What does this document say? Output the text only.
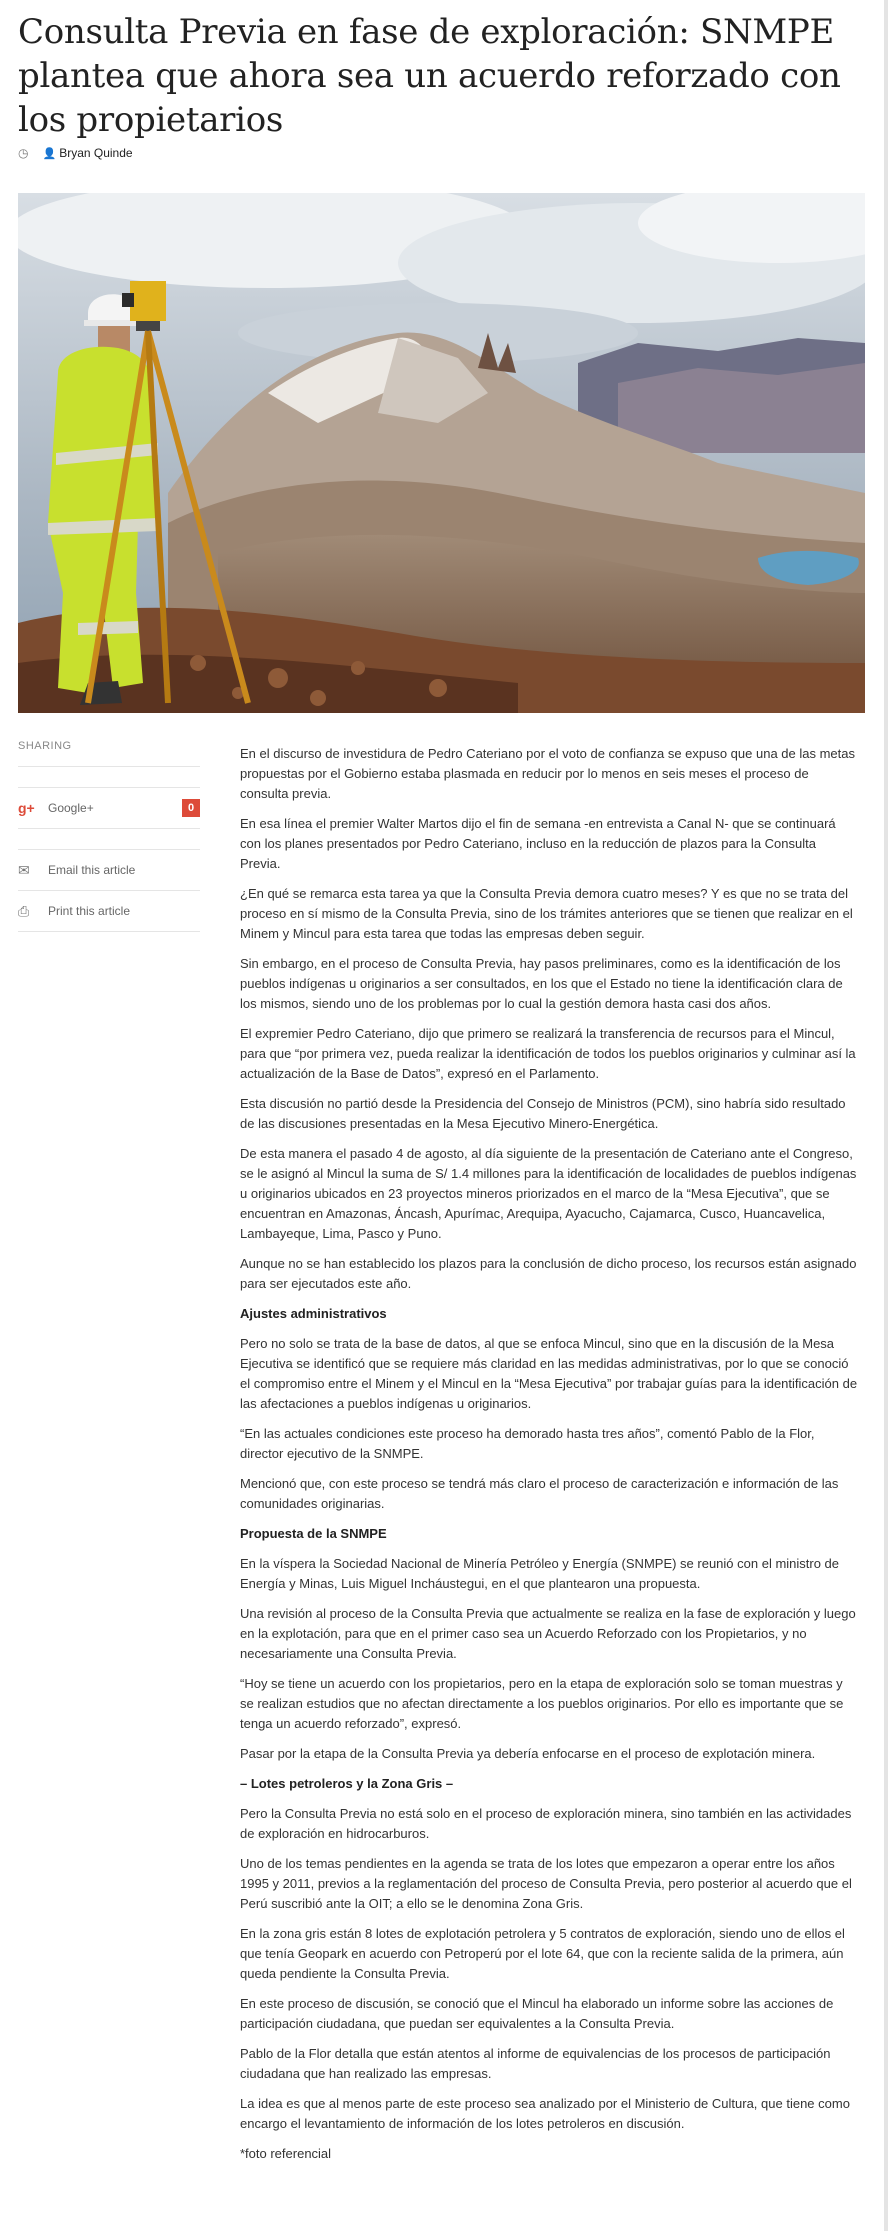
Consulta Previa en fase de exploración: SNMPE plantea que ahora sea un acuerdo reforzado con los propietarios
◷ 👤 Bryan Quinde
SHARING
g+	Google+	0
✉	Email this article
⎙	Print this article

En el discurso de investidura de Pedro Cateriano por el voto de confianza se expuso que una de las metas propuestas por el Gobierno estaba plasmada en reducir por lo menos en seis meses el proceso de consulta previa.

En esa línea el premier Walter Martos dijo el fin de semana -en entrevista a Canal N- que se continuará con los planes presentados por Pedro Cateriano, incluso en la reducción de plazos para la Consulta Previa.

¿En qué se remarca esta tarea ya que la Consulta Previa demora cuatro meses? Y es que no se trata del proceso en sí mismo de la Consulta Previa, sino de los trámites anteriores que se tienen que realizar en el Minem y Mincul para esta tarea que todas las empresas deben seguir.

Sin embargo, en el proceso de Consulta Previa, hay pasos preliminares, como es la identificación de los pueblos indígenas u originarios a ser consultados, en los que el Estado no tiene la identificación clara de los mismos, siendo uno de los problemas por lo cual la gestión demora hasta casi dos años.

El expremier Pedro Cateriano, dijo que primero se realizará la transferencia de recursos para el Mincul, para que “por primera vez, pueda realizar la identificación de todos los pueblos originarios y culminar así la actualización de la Base de Datos”, expresó en el Parlamento.

Esta discusión no partió desde la Presidencia del Consejo de Ministros (PCM), sino habría sido resultado de las discusiones presentadas en la Mesa Ejecutivo Minero-Energética.

De esta manera el pasado 4 de agosto, al día siguiente de la presentación de Cateriano ante el Congreso, se le asignó al Mincul la suma de S/ 1.4 millones para la identificación de localidades de pueblos indígenas u originarios ubicados en 23 proyectos mineros priorizados en el marco de la “Mesa Ejecutiva”, que se encuentran en Amazonas, Áncash, Apurímac, Arequipa, Ayacucho, Cajamarca, Cusco, Huancavelica, Lambayeque, Lima, Pasco y Puno.

Aunque no se han establecido los plazos para la conclusión de dicho proceso, los recursos están asignado para ser ejecutados este año.

Ajustes administrativos

Pero no solo se trata de la base de datos, al que se enfoca Mincul, sino que en la discusión de la Mesa Ejecutiva se identificó que se requiere más claridad en las medidas administrativas, por lo que se conoció el compromiso entre el Minem y el Mincul en la “Mesa Ejecutiva” por trabajar guías para la identificación de las afectaciones a pueblos indígenas u originarios.

“En las actuales condiciones este proceso ha demorado hasta tres años”, comentó Pablo de la Flor, director ejecutivo de la SNMPE.

Mencionó que, con este proceso se tendrá más claro el proceso de caracterización e información de las comunidades originarias.

Propuesta de la SNMPE

En la víspera la Sociedad Nacional de Minería Petróleo y Energía (SNMPE) se reunió con el ministro de Energía y Minas, Luis Miguel Incháustegui, en el que plantearon una propuesta.

Una revisión al proceso de la Consulta Previa que actualmente se realiza en la fase de exploración y luego en la explotación, para que en el primer caso sea un Acuerdo Reforzado con los Propietarios, y no necesariamente una Consulta Previa.

“Hoy se tiene un acuerdo con los propietarios, pero en la etapa de exploración solo se toman muestras y se realizan estudios que no afectan directamente a los pueblos originarios. Por ello es importante que se tenga un acuerdo reforzado”, expresó.

Pasar por la etapa de la Consulta Previa ya debería enfocarse en el proceso de explotación minera.

– Lotes petroleros y la Zona Gris –

Pero la Consulta Previa no está solo en el proceso de exploración minera, sino también en las actividades de exploración en hidrocarburos.

Uno de los temas pendientes en la agenda se trata de los lotes que empezaron a operar entre los años 1995 y 2011, previos a la reglamentación del proceso de Consulta Previa, pero posterior al acuerdo que el Perú suscribió ante la OIT; a ello se le denomina Zona Gris.

En la zona gris están 8 lotes de explotación petrolera y 5 contratos de exploración, siendo uno de ellos el que tenía Geopark en acuerdo con Petroperú por el lote 64, que con la reciente salida de la primera, aún queda pendiente la Consulta Previa.

En este proceso de discusión, se conoció que el Mincul ha elaborado un informe sobre las acciones de participación ciudadana, que puedan ser equivalentes a la Consulta Previa.

Pablo de la Flor detalla que están atentos al informe de equivalencias de los procesos de participación ciudadana que han realizado las empresas.

La idea es que al menos parte de este proceso sea analizado por el Ministerio de Cultura, que tiene como encargo el levantamiento de información de los lotes petroleros en discusión.

*foto referencial
